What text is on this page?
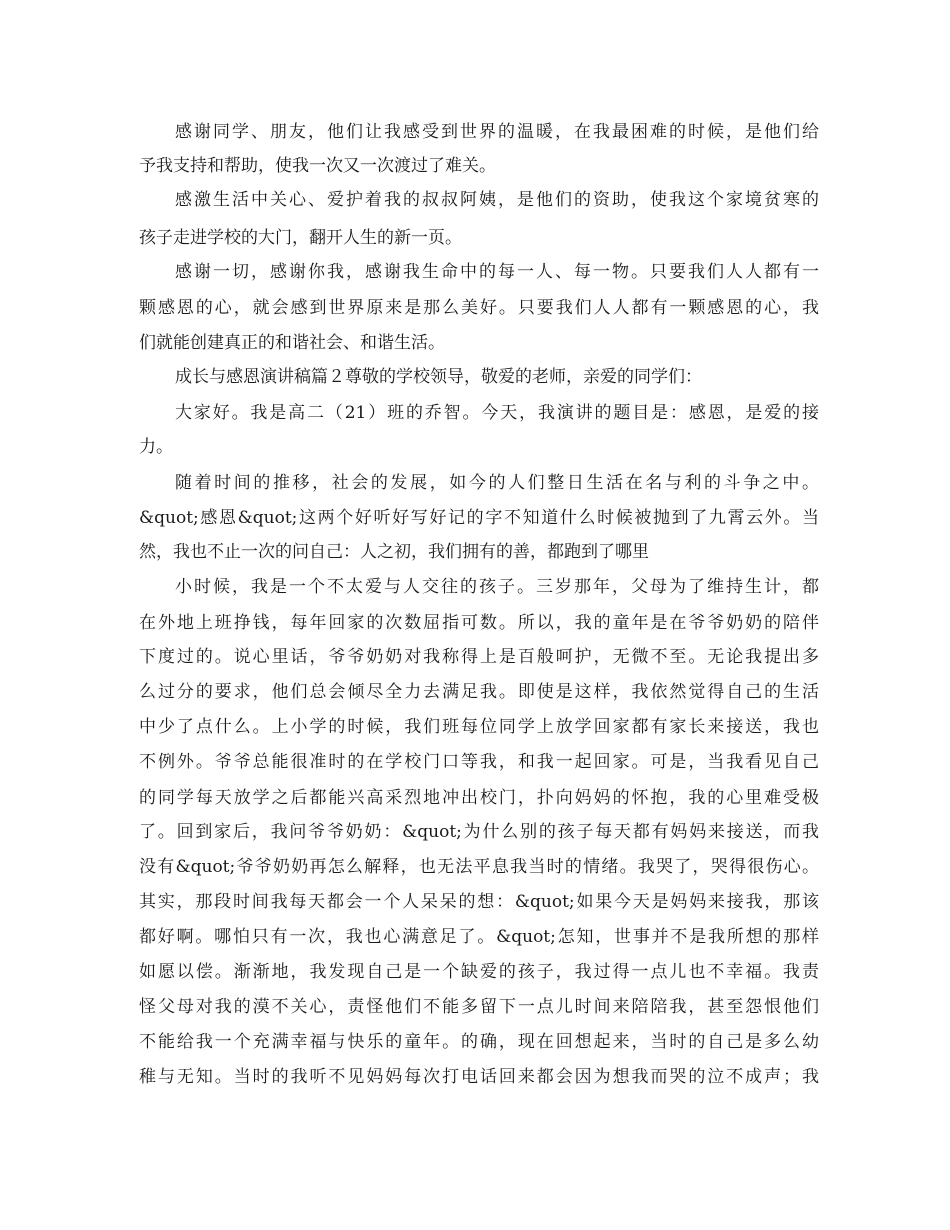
感谢同学、朋友，他们让我感受到世界的温暖，在我最困难的时候，是他们给

予我支持和帮助，使我一次又一次渡过了难关。

感激生活中关心、爱护着我的叔叔阿姨，是他们的资助，使我这个家境贫寒的

孩子走进学校的大门，翻开人生的新一页。

感谢一切，感谢你我，感谢我生命中的每一人、每一物。只要我们人人都有一

颗感恩的心，就会感到世界原来是那么美好。只要我们人人都有一颗感恩的心，我

们就能创建真正的和谐社会、和谐生活。

成长与感恩演讲稿篇２尊敬的学校领导，敬爱的老师，亲爱的同学们：

大家好。我是高二（21）班的乔智。今天，我演讲的题目是：感恩，是爱的接

力。

随着时间的推移，社会的发展，如今的人们整日生活在名与利的斗争之中。

&quot;感恩&quot;这两个好听好写好记的字不知道什么时候被抛到了九霄云外。当

然，我也不止一次的问自己：人之初，我们拥有的善，都跑到了哪里

小时候，我是一个不太爱与人交往的孩子。三岁那年，父母为了维持生计，都

在外地上班挣钱，每年回家的次数屈指可数。所以，我的童年是在爷爷奶奶的陪伴

下度过的。说心里话，爷爷奶奶对我称得上是百般呵护，无微不至。无论我提出多

么过分的要求，他们总会倾尽全力去满足我。即使是这样，我依然觉得自己的生活

中少了点什么。上小学的时候，我们班每位同学上放学回家都有家长来接送，我也

不例外。爷爷总能很准时的在学校门口等我，和我一起回家。可是，当我看见自己

的同学每天放学之后都能兴高采烈地冲出校门，扑向妈妈的怀抱，我的心里难受极

了。回到家后，我问爷爷奶奶：&quot;为什么别的孩子每天都有妈妈来接送，而我

没有&quot;爷爷奶奶再怎么解释，也无法平息我当时的情绪。我哭了，哭得很伤心。

其实，那段时间我每天都会一个人呆呆的想：&quot;如果今天是妈妈来接我，那该

都好啊。哪怕只有一次，我也心满意足了。&quot;怎知，世事并不是我所想的那样

如愿以偿。渐渐地，我发现自己是一个缺爱的孩子，我过得一点儿也不幸福。我责

怪父母对我的漠不关心，责怪他们不能多留下一点儿时间来陪陪我，甚至怨恨他们

不能给我一个充满幸福与快乐的童年。的确，现在回想起来，当时的自己是多么幼

稚与无知。当时的我听不见妈妈每次打电话回来都会因为想我而哭的泣不成声；我
